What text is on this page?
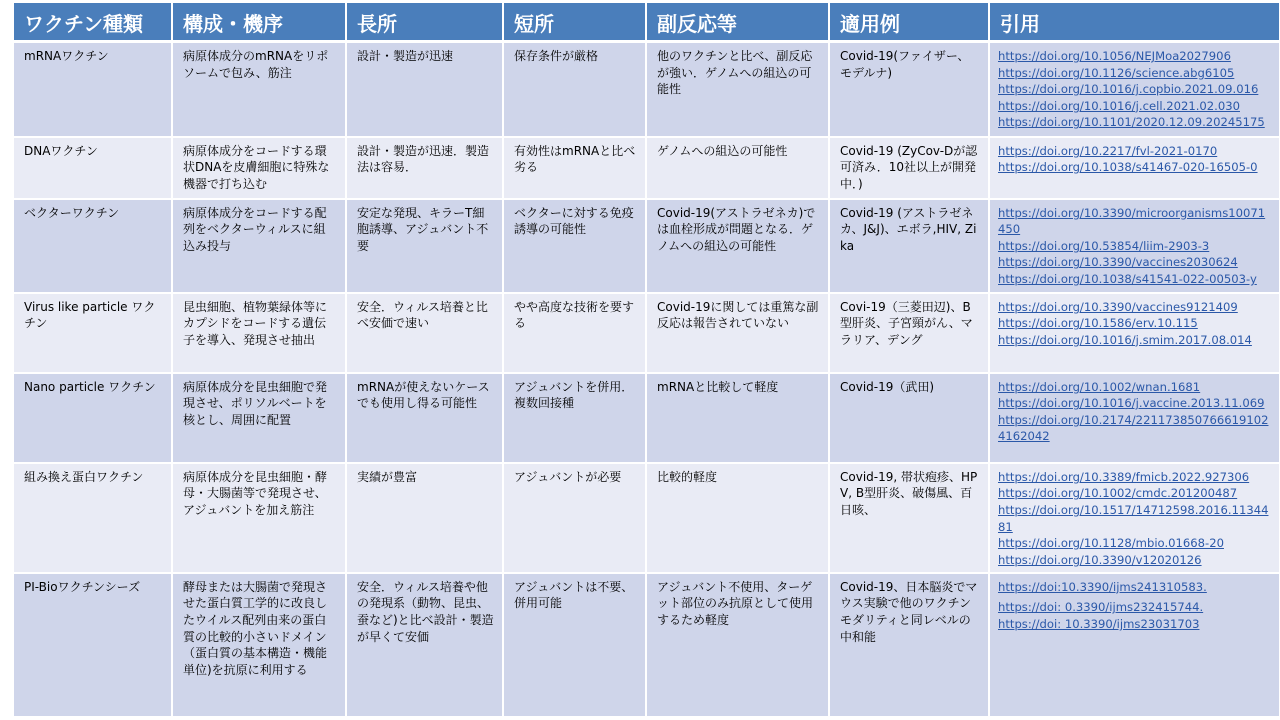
ワクチン種類	構成・機序	長所	短所	副反応等	適用例	引用
mRNAワクチン	病原体成分のmRNAをリポソームで包み、筋注	設計・製造が迅速	保存条件が厳格	他のワクチンと比べ、副反応が強い．ゲノムへの組込の可能性	Covid-19(ファイザー、モデルナ)	https://doi.org/10.1056/NEJMoa2027906
https://doi.org/10.1126/science.abg6105
https://doi.org/10.1016/j.copbio.2021.09.016
https://doi.org/10.1016/j.cell.2021.02.030
https://doi.org/10.1101/2020.12.09.20245175

DNAワクチン	病原体成分をコードする環状DNAを皮膚細胞に特殊な機器で打ち込む	設計・製造が迅速．製造法は容易．	有効性はmRNAと比べ劣る	ゲノムへの組込の可能性	Covid-19 (ZyCov-Dが認可済み．10社以上が開発中．)	https://doi.org/10.2217/fvl-2021-0170
https://doi.org/10.1038/s41467-020-16505-0

ベクターワクチン	病原体成分をコードする配列をベクターウィルスに組込み投与	安定な発現、キラーT細胞誘導、アジュバント不要	ベクターに対する免疫誘導の可能性	Covid-19(アストラゼネカ)では血栓形成が問題となる．ゲノムへの組込の可能性	Covid-19 (アストラゼネカ、J&J)、エボラ,HIV, Zika	https://doi.org/10.3390/microorganisms10071450
https://doi.org/10.53854/liim-2903-3
https://doi.org/10.3390/vaccines2030624
https://doi.org/10.1038/s41541-022-00503-y

Virus like particle ワクチン	昆虫細胞、植物葉緑体等にカプシドをコードする遺伝子を導入、発現させ抽出	安全．ウィルス培養と比べ安価で速い	やや高度な技術を要する	Covid-19に関しては重篤な副反応は報告されていない	Covi-19（三菱田辺)、B型肝炎、子宮頸がん、マラリア、デング	https://doi.org/10.3390/vaccines9121409
https://doi.org/10.1586/erv.10.115
https://doi.org/10.1016/j.smim.2017.08.014

Nano particle ワクチン	病原体成分を昆虫細胞で発現させ、ポリソルベートを核とし、周囲に配置	mRNAが使えないケースでも使用し得る可能性	アジュバントを併用．複数回接種	mRNAと比較して軽度	Covid-19（武田)	https://doi.org/10.1002/wnan.1681
https://doi.org/10.1016/j.vaccine.2013.11.069
https://doi.org/10.2174/2211738507666191024162042

組み換え蛋白ワクチン	病原体成分を昆虫細胞・酵母・大腸菌等で発現させ、アジュバントを加え筋注	実績が豊富	アジュバントが必要	比較的軽度	Covid-19, 帯状疱疹、HPV, B型肝炎、破傷風、百日咳、	https://doi.org/10.3389/fmicb.2022.927306
https://doi.org/10.1002/cmdc.201200487
https://doi.org/10.1517/14712598.2016.1134481
https://doi.org/10.1128/mbio.01668-20
https://doi.org/10.3390/v12020126

PI-Bioワクチンシーズ	酵母または大腸菌で発現させた蛋白質工学的に改良したウイルス配列由来の蛋白質の比較的小さいドメイン（蛋白質の基本構造・機能単位)を抗原に利用する	安全．ウィルス培養や他の発現系（動物、昆虫、蚕など)と比べ設計・製造が早くて安価	アジュバントは不要、併用可能	アジュバント不使用、ターゲット部位のみ抗原として使用するため軽度	Covid-19、日本脳炎でマウス実験で他のワクチンモダリティと同レベルの中和能	https://doi:10.3390/ijms241310583.
https://doi: 0.3390/ijms232415744.
https://doi: 10.3390/ijms23031703
